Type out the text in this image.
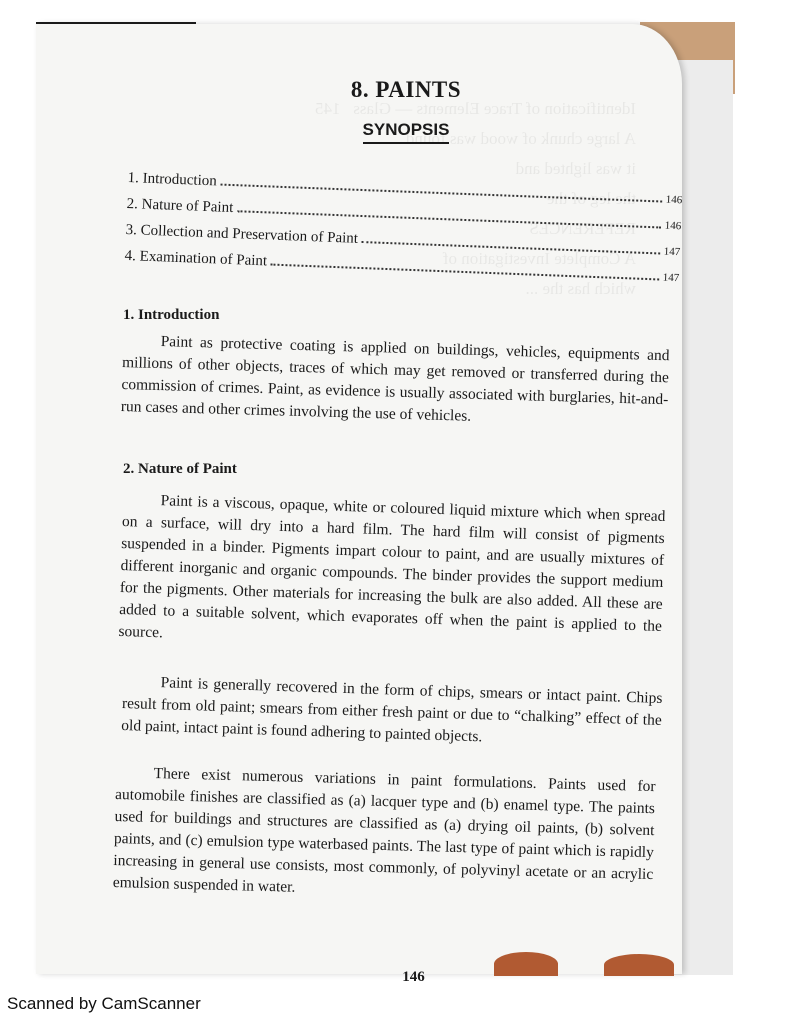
Identification of Trace Elements — Glass   145
A large chunk of wood was found
it was lighted and
the leg of the
REFERENCES
A Complete Investigation of
which has the ...
8. PAINTS
SYNOPSIS
1. Introduction
146
2. Nature of Paint
146
3. Collection and Preservation of Paint
147
4. Examination of Paint
147
1. Introduction

Paint as protective coating is applied on buildings, vehicles, equipments and millions of other objects, traces of which may get removed or transferred during the commission of crimes. Paint, as evidence is usually associated with burglaries, hit-and-run cases and other crimes involving the use of vehicles.

2. Nature of Paint

Paint is a viscous, opaque, white or coloured liquid mixture which when spread on a surface, will dry into a hard film. The hard film will consist of pigments suspended in a binder. Pigments impart colour to paint, and are usually mixtures of different inorganic and organic compounds. The binder provides the support medium for the pigments. Other materials for increasing the bulk are also added. All these are added to a suitable solvent, which evaporates off when the paint is applied to the source.

Paint is generally recovered in the form of chips, smears or intact paint. Chips result from old paint; smears from either fresh paint or due to “chalking” effect of the old paint, intact paint is found adhering to painted objects.

There exist numerous variations in paint formulations. Paints used for automobile finishes are classified as (a) lacquer type and (b) enamel type. The paints used for buildings and structures are classified as (a) drying oil paints, (b) solvent paints, and (c) emulsion type waterbased paints. The last type of paint which is rapidly increasing in general use consists, most commonly, of polyvinyl acetate or an acrylic emulsion suspended in water.

146
Scanned by CamScanner
